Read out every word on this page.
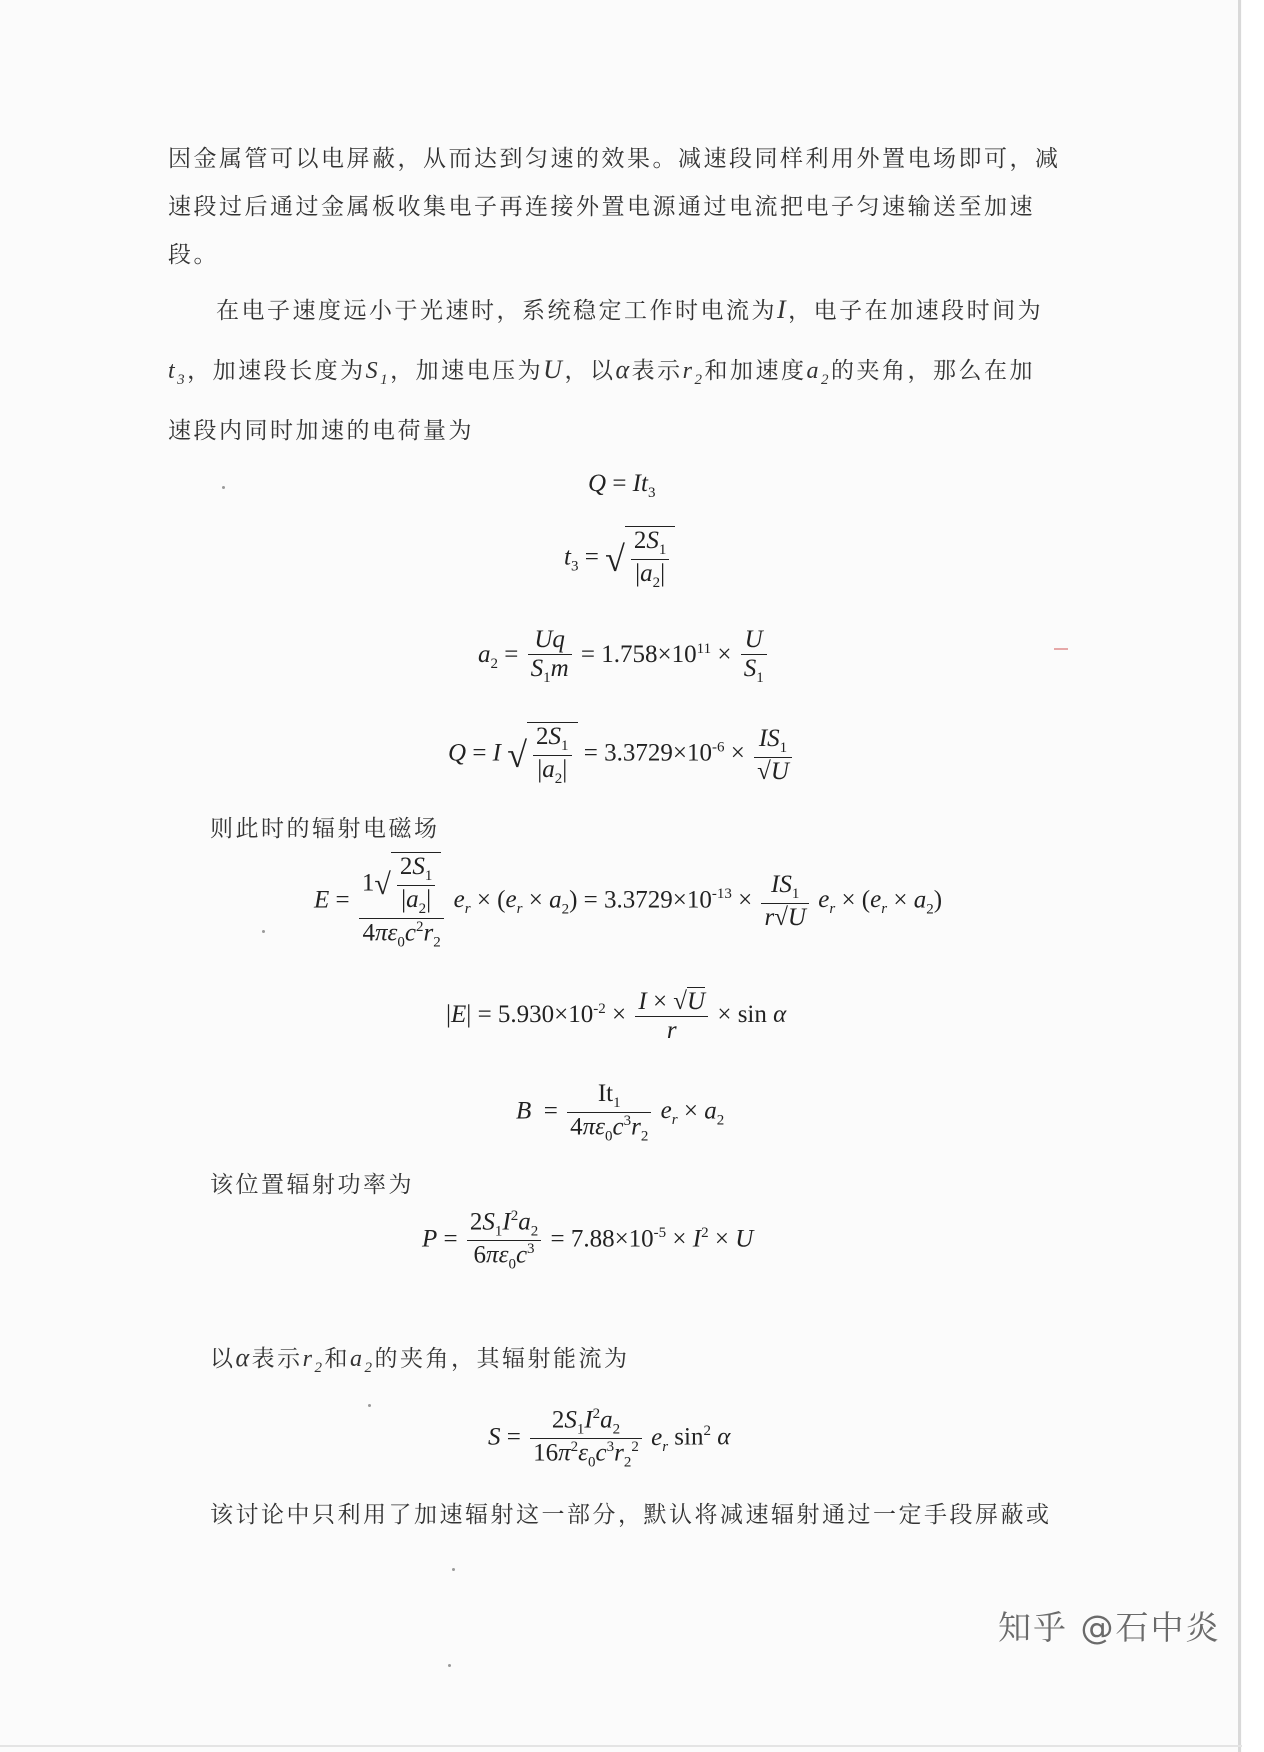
因金属管可以电屏蔽，从而达到匀速的效果。减速段同样利用外置电场即可，减
速段过后通过金属板收集电子再连接外置电源通过电流把电子匀速输送至加速
段。
在电子速度远小于光速时，系统稳定工作时电流为I，电子在加速段时间为
$t_3$，加速段长度为$S_1$，加速电压为U，以α表示$r_2$和加速度$a_2$的夹角，那么在加
速段内同时加速的电荷量为
$Q = It_3$
$t_3$ = √ $\frac{2S_1}{|a_2|}$
$a_2 = \frac{Uq}{S_1m} = 1.758\times 10^{11} \times \frac{U}{S_1}$
Q = I √ $\frac{2S_1}{|a_2|} = 3.3729\times 10^{-6} \times \frac{IS_1}{√U}$
则此时的辐射电磁场
$E = \frac{1√ \frac{2S_1}{|a_2|}}{4\pi\varepsilon_0c^2r_2} e_r \times (e_r \times a_2) = 3.3729\times 10^{-13} \times \frac{IS_1}{r√U} e_r \times (e_r \times a_2)$
$|E| = 5.930\times 10^{-2} \times \frac{I \times √U}{r} \times \sin \alpha$
$B = \frac{It_1}{4\pi\varepsilon_0c^3r_2} e_r \times a_2$
该位置辐射功率为
$P = \frac{2S_1I^2a_2}{6\pi\varepsilon_0c^3} = 7.88\times 10^{-5} \times I^2 \times U$
以α表示$r_2$和$a_2$的夹角，其辐射能流为
$S = \frac{2S_1I^2a_2}{16\pi^2\varepsilon_0c^3r_2^2} e_r$ $\sin^2 \alpha$
该讨论中只利用了加速辐射这一部分，默认将减速辐射通过一定手段屏蔽或
知乎 @石中炎
